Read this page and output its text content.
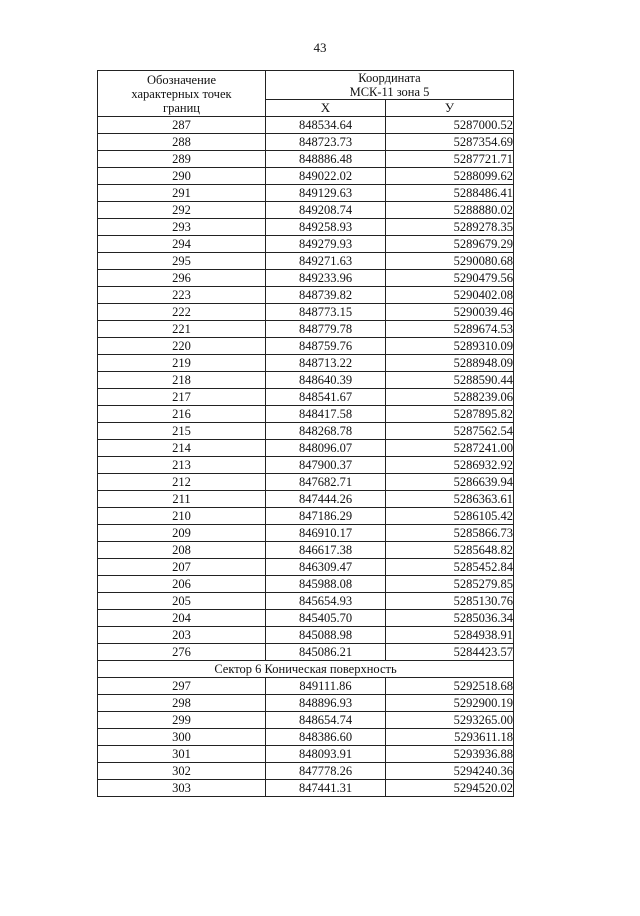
43
Обозначение
характерных точек
границ	Координата
МСК-11 зона 5	
	X	У
287	848534.64	5287000.52
288	848723.73	5287354.69
289	848886.48	5287721.71
290	849022.02	5288099.62
291	849129.63	5288486.41
292	849208.74	5288880.02
293	849258.93	5289278.35
294	849279.93	5289679.29
295	849271.63	5290080.68
296	849233.96	5290479.56
223	848739.82	5290402.08
222	848773.15	5290039.46
221	848779.78	5289674.53
220	848759.76	5289310.09
219	848713.22	5288948.09
218	848640.39	5288590.44
217	848541.67	5288239.06
216	848417.58	5287895.82
215	848268.78	5287562.54
214	848096.07	5287241.00
213	847900.37	5286932.92
212	847682.71	5286639.94
211	847444.26	5286363.61
210	847186.29	5286105.42
209	846910.17	5285866.73
208	846617.38	5285648.82
207	846309.47	5285452.84
206	845988.08	5285279.85
205	845654.93	5285130.76
204	845405.70	5285036.34
203	845088.98	5284938.91
276	845086.21	5284423.57
Сектор 6 Коническая поверхность		
297	849111.86	5292518.68
298	848896.93	5292900.19
299	848654.74	5293265.00
300	848386.60	5293611.18
301	848093.91	5293936.88
302	847778.26	5294240.36
303	847441.31	5294520.02
